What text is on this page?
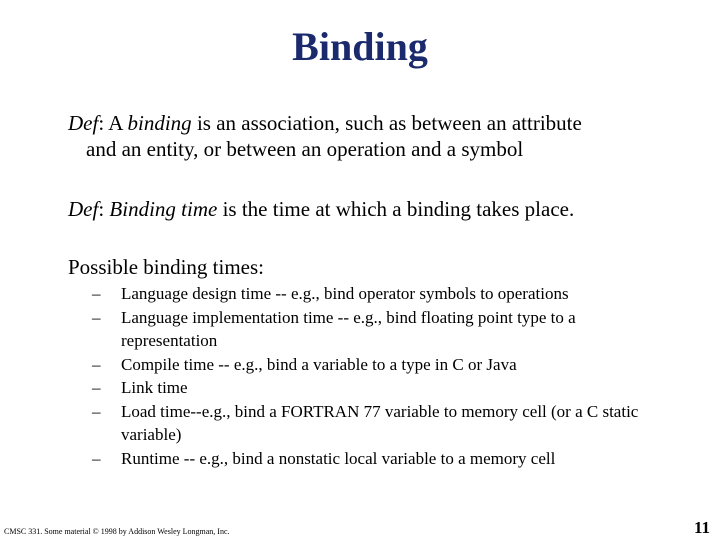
Binding
Def: A binding is an association, such as between an attribute
and an entity, or between an operation and a symbol
Def: Binding time is the time at which a binding takes place.
Possible binding times:
– Language design time -- e.g., bind operator symbols to operations
– Language implementation time -- e.g., bind floating point type to a representation
– Compile time -- e.g., bind a variable to a type in C or Java
– Link time
– Load time--e.g., bind a FORTRAN 77 variable to memory cell (or a C static variable)
– Runtime -- e.g., bind a nonstatic local variable to a memory cell
CMSC 331. Some material © 1998 by Addison Wesley Longman, Inc.	11
